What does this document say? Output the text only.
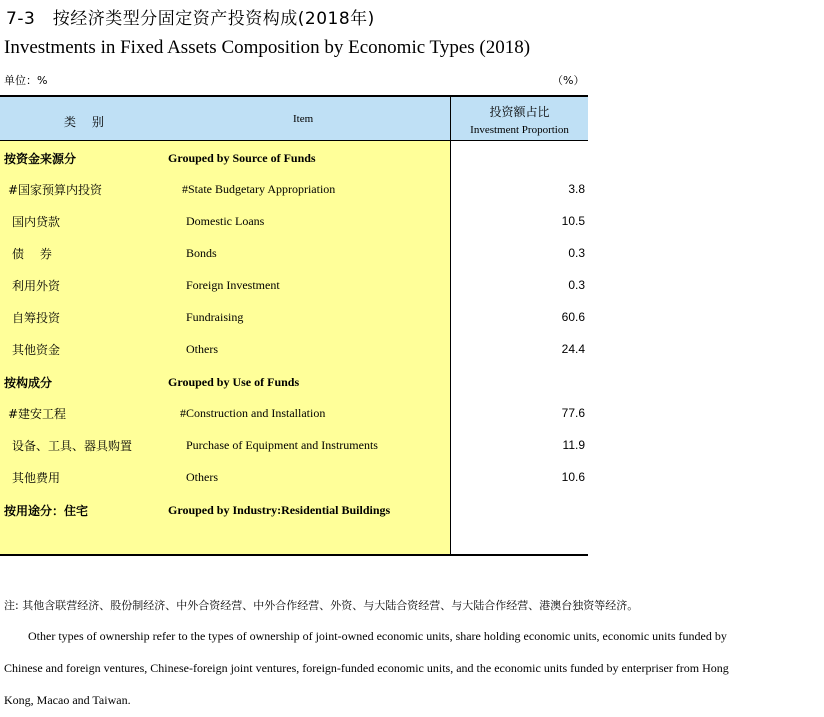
7-3　按经济类型分固定资产投资构成(2018年)
Investments in Fixed Assets Composition by Economic Types (2018)
单位：%	（%）
类 别	Item	投资额占比
Investment Proportion
按资金来源分	Grouped by Source of Funds
#国家预算内投资	#State Budgetary Appropriation	3.8
国内贷款	Domestic Loans	10.5
债 券	Bonds	0.3
利用外资	Foreign Investment	0.3
自筹投资	Fundraising	60.6
其他资金	Others	24.4
按构成分	Grouped by Use of Funds
#建安工程	#Construction and Installation	77.6
设备、工具、器具购置	Purchase of Equipment and Instruments	11.9
其他费用	Others	10.6
按用途分：住宅	Grouped by Industry:Residential Buildings
注: 其他含联营经济、股份制经济、中外合资经营、中外合作经营、外资、与大陆合资经营、与大陆合作经营、港澳台独资等经济。
Other types of ownership refer to the types of ownership of joint-owned economic units, share holding economic units, economic units funded by
Chinese and foreign ventures, Chinese-foreign joint ventures, foreign-funded economic units, and the economic units funded by enterpriser from Hong
Kong, Macao and Taiwan.
